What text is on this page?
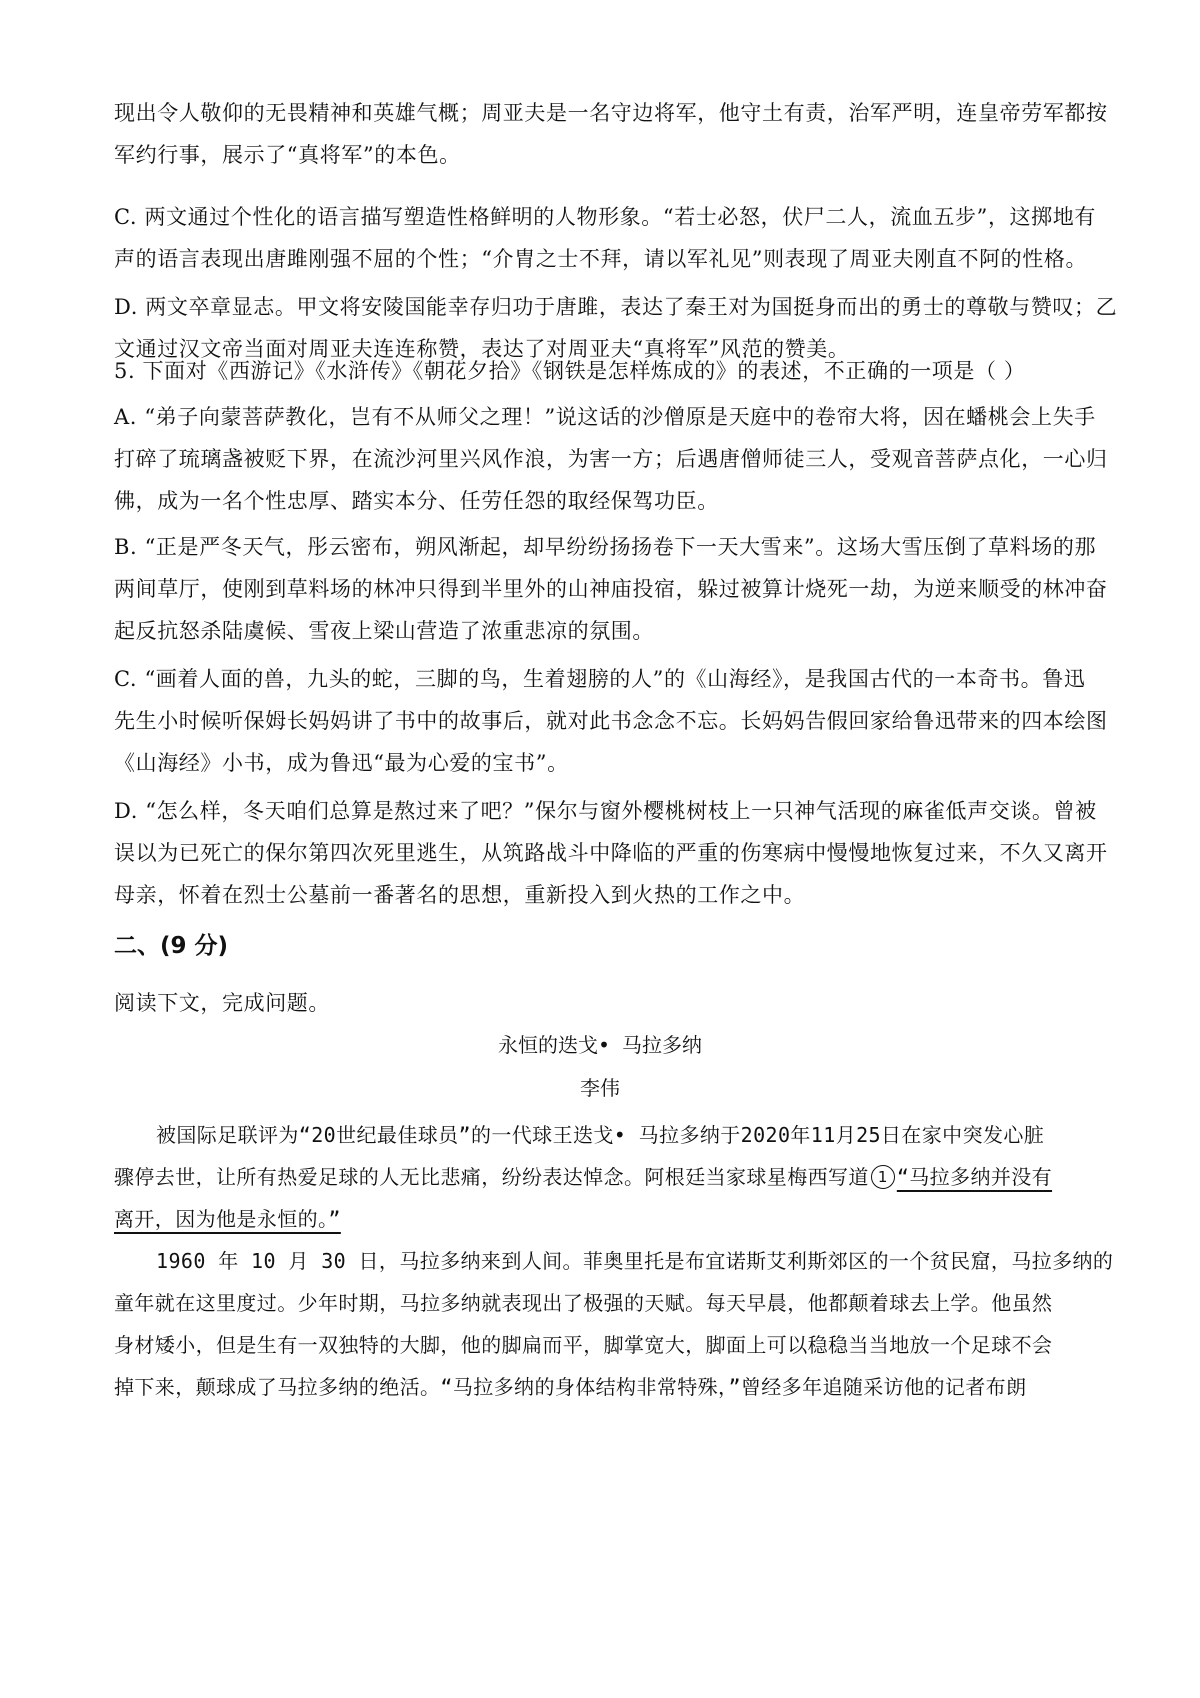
现出令人敬仰的无畏精神和英雄气概；周亚夫是一名守边将军，他守土有责，治军严明，连皇帝劳军都按
军约行事，展示了“真将军”的本色。
C. 两文通过个性化的语言描写塑造性格鲜明的人物形象。“若士必怒，伏尸二人，流血五步”，这掷地有
声的语言表现出唐雎刚强不屈的个性；“介胄之士不拜，请以军礼见”则表现了周亚夫刚直不阿的性格。
D. 两文卒章显志。甲文将安陵国能幸存归功于唐雎，表达了秦王对为国挺身而出的勇士的尊敬与赞叹；乙
文通过汉文帝当面对周亚夫连连称赞，表达了对周亚夫“真将军”风范的赞美。
5. 下面对《西游记》《水浒传》《朝花夕拾》《钢铁是怎样炼成的》的表述，不正确的一项是（ ）
A. “弟子向蒙菩萨教化，岂有不从师父之理！”说这话的沙僧原是天庭中的卷帘大将，因在蟠桃会上失手
打碎了琉璃盏被贬下界，在流沙河里兴风作浪，为害一方；后遇唐僧师徒三人，受观音菩萨点化，一心归
佛，成为一名个性忠厚、踏实本分、任劳任怨的取经保驾功臣。
B. “正是严冬天气，彤云密布，朔风渐起，却早纷纷扬扬卷下一天大雪来”。这场大雪压倒了草料场的那
两间草厅，使刚到草料场的林冲只得到半里外的山神庙投宿，躲过被算计烧死一劫，为逆来顺受的林冲奋
起反抗怒杀陆虞候、雪夜上梁山营造了浓重悲凉的氛围。
C. “画着人面的兽，九头的蛇，三脚的鸟，生着翅膀的人”的《山海经》，是我国古代的一本奇书。鲁迅
先生小时候听保姆长妈妈讲了书中的故事后，就对此书念念不忘。长妈妈告假回家给鲁迅带来的四本绘图
《山海经》小书，成为鲁迅“最为心爱的宝书”。
D. “怎么样，冬天咱们总算是熬过来了吧？”保尔与窗外樱桃树枝上一只神气活现的麻雀低声交谈。曾被
误以为已死亡的保尔第四次死里逃生，从筑路战斗中降临的严重的伤寒病中慢慢地恢复过来，不久又离开
母亲，怀着在烈士公墓前一番著名的思想，重新投入到火热的工作之中。
二、(9 分)
阅读下文，完成问题。
永恒的迭戈• 马拉多纳
李伟
被国际足联评为“20世纪最佳球员”的一代球王迭戈• 马拉多纳于2020年11月25日在家中突发心脏
骤停去世，让所有热爱足球的人无比悲痛，纷纷表达悼念。阿根廷当家球星梅西写道 1 “马拉多纳并没有
离开，因为他是永恒的。”
1960 年 10 月 30 日，马拉多纳来到人间。菲奥里托是布宜诺斯艾利斯郊区的一个贫民窟，马拉多纳的
童年就在这里度过。少年时期，马拉多纳就表现出了极强的天赋。每天早晨，他都颠着球去上学。他虽然
身材矮小，但是生有一双独特的大脚，他的脚扁而平，脚掌宽大，脚面上可以稳稳当当地放一个足球不会
掉下来，颠球成了马拉多纳的绝活。“马拉多纳的身体结构非常特殊，”曾经多年追随采访他的记者布朗
